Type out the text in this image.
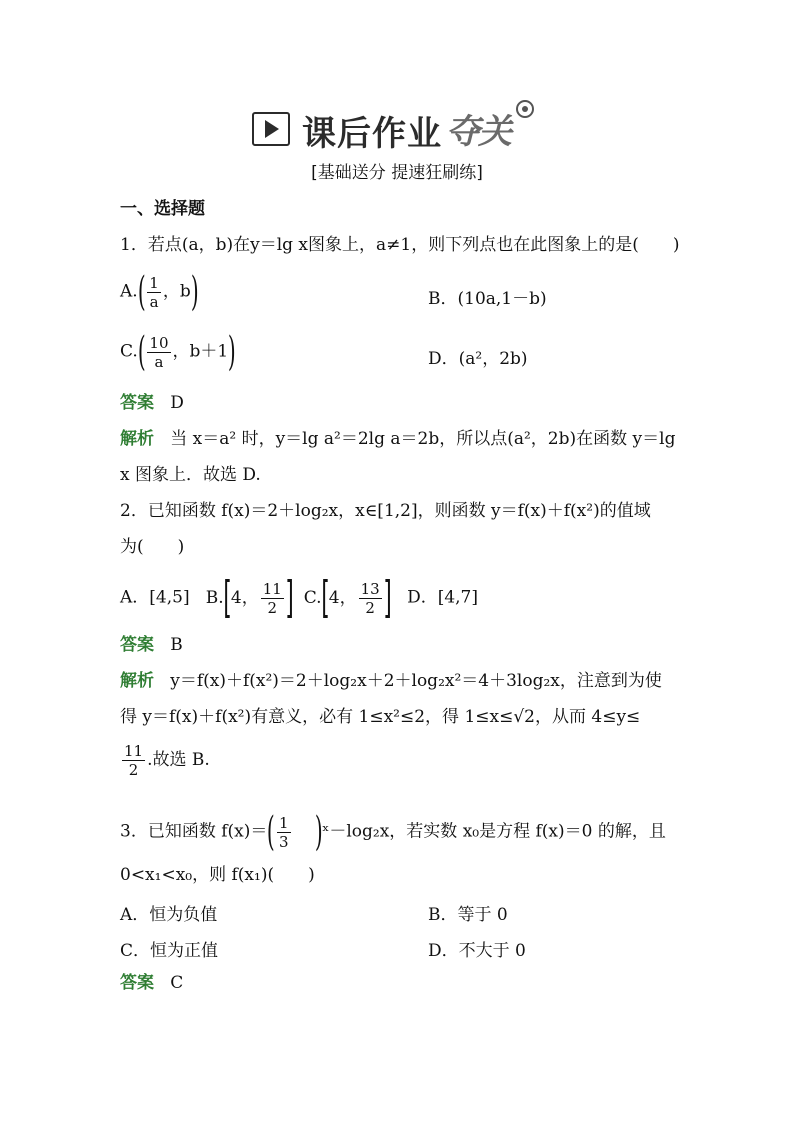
课后作业 夺关
[基础送分 提速狂刷练]
一、选择题
1．若点(a，b)在y＝lg x图象上，a≠1，则下列点也在此图象上的是(　　)
$A.( \frac{1}{a}$ ，b)	B．(10a,1－b)
$C.( \frac{10}{a}$ ，b＋1)	D．(a²，2b)
答案 D
解析 当 x＝a² 时，y＝lg a²＝2lg a＝2b，所以点(a²，2b)在函数 y＝lg
x 图象上．故选 D.
2．已知函数 f(x)＝2＋log₂x，x∈[1,2]，则函数 y＝f(x)＋f(x²)的值域
为(　　)
A．[4,5] B.[4， $\frac{11}{2}$ ] C.[4， $\frac{13}{2}$ ] D．[4,7]
答案 B
解析 y＝f(x)＋f(x²)＝2＋log₂x＋2＋log₂x²＝4＋3log₂x，注意到为使
得 y＝f(x)＋f(x²)有意义，必有 1≤x²≤2，得 1≤x≤√2，从而 4≤y≤
$\frac{11}{2}$ .故选 B.
3．已知函数 $f(x)=( \frac{1}{3}$ )ˣ－log₂x，若实数 x₀是方程 f(x)＝0 的解，且
0<x₁<x₀，则 f(x₁)(　　)
A．恒为负值	B．等于 0
C．恒为正值	D．不大于 0
答案 C
